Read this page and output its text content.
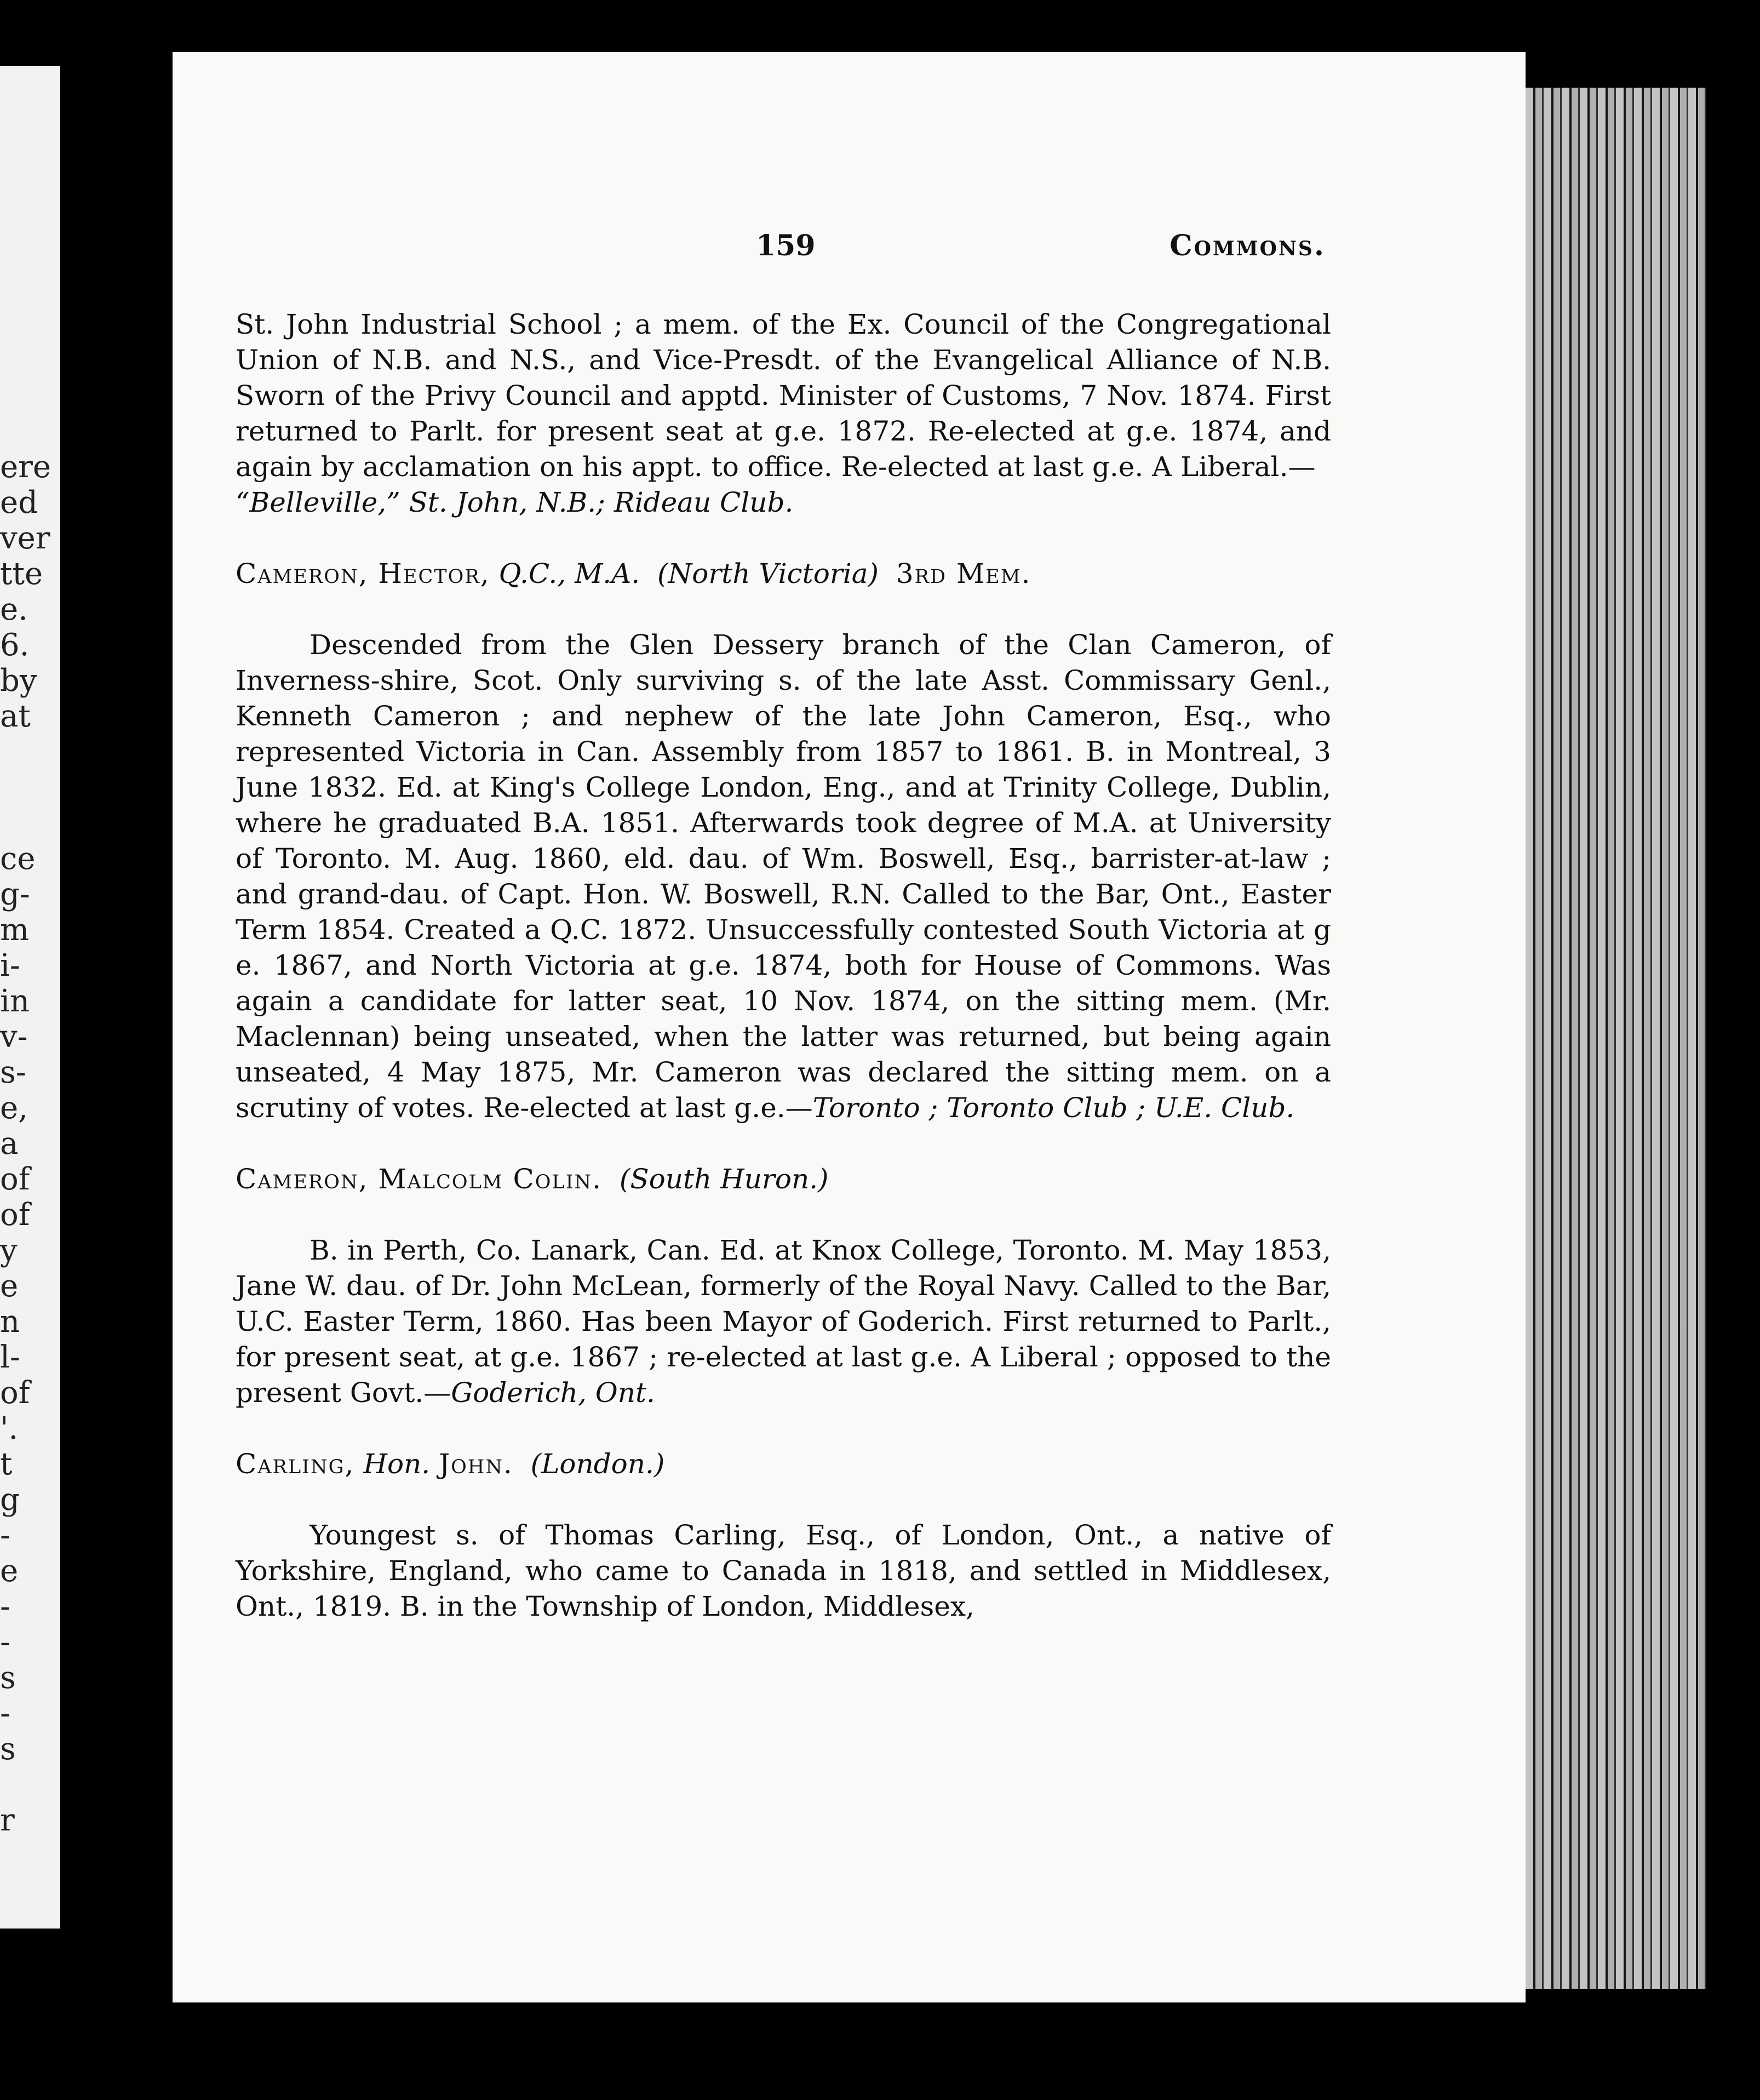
ere
ed
ver
tte
e.
6.
by
at

ce
g-
m
i-
in
v-
s-
e,
a
of
of
y
e
n
l-
of
'.
t
g
-
e
-
-
s
-
s

r
159	Commons.

St. John Industrial School ; a mem. of the Ex. Council of the Congregational Union of N.B. and N.S., and Vice-Presdt. of the Evangelical Alliance of N.B. Sworn of the Privy Council and apptd. Minister of Customs, 7 Nov. 1874. First returned to Parlt. for present seat at g.e. 1872. Re-elected at g.e. 1874, and again by acclamation on his appt. to office. Re-elected at last g.e. A Liberal.—
“Belleville,” St. John, N.B.; Rideau Club.

Cameron, Hector, Q.C., M.A. (North Victoria) 3rd Mem.

Descended from the Glen Dessery branch of the Clan Cameron, of Inverness-shire, Scot. Only surviving s. of the late Asst. Commissary Genl., Kenneth Cameron ; and nephew of the late John Cameron, Esq., who represented Victoria in Can. Assembly from 1857 to 1861. B. in Montreal, 3 June 1832. Ed. at King's College London, Eng., and at Trinity College, Dublin, where he graduated B.A. 1851. Afterwards took degree of M.A. at University of Toronto. M. Aug. 1860, eld. dau. of Wm. Boswell, Esq., barrister-at-law ; and grand-dau. of Capt. Hon. W. Boswell, R.N. Called to the Bar, Ont., Easter Term 1854. Created a Q.C. 1872. Unsuccessfully contested South Victoria at g e. 1867, and North Victoria at g.e. 1874, both for House of Commons. Was again a candidate for latter seat, 10 Nov. 1874, on the sitting mem. (Mr. Maclennan) being unseated, when the latter was returned, but being again unseated, 4 May 1875, Mr. Cameron was declared the sitting mem. on a scrutiny of votes. Re-elected at last g.e.—Toronto ; Toronto Club ; U.E. Club.

Cameron, Malcolm Colin. (South Huron.)

B. in Perth, Co. Lanark, Can. Ed. at Knox College, Toronto. M. May 1853, Jane W. dau. of Dr. John McLean, formerly of the Royal Navy. Called to the Bar, U.C. Easter Term, 1860. Has been Mayor of Goderich. First returned to Parlt., for present seat, at g.e. 1867 ; re-elected at last g.e. A Liberal ; opposed to the present Govt.—Goderich, Ont.

Carling, Hon. John. (London.)

Youngest s. of Thomas Carling, Esq., of London, Ont., a native of Yorkshire, England, who came to Canada in 1818, and settled in Middlesex, Ont., 1819. B. in the Township of London, Middlesex,
